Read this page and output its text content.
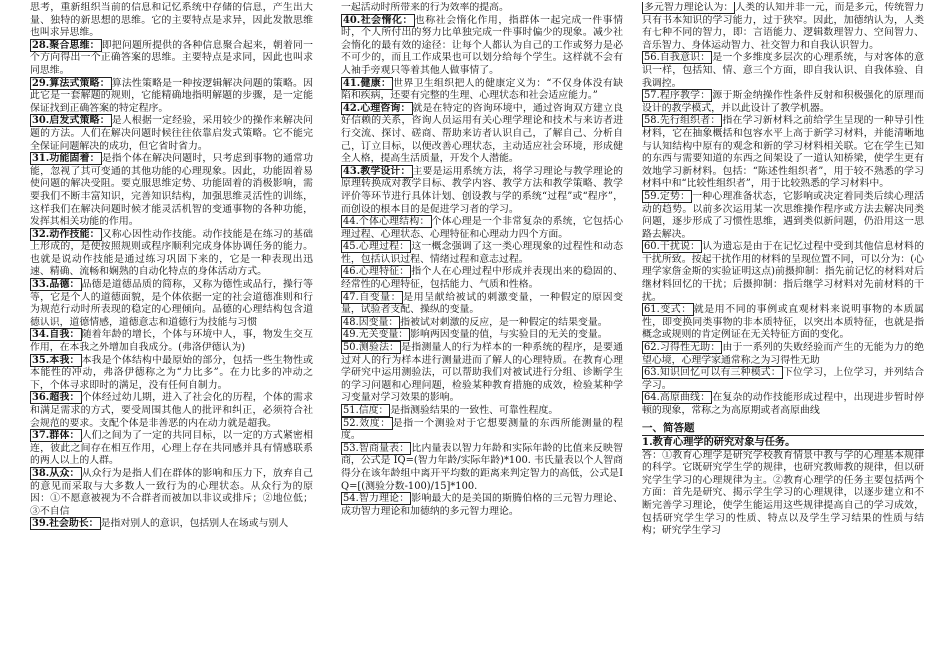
思考，重新组织当前的信息和记忆系统中存储的信息，产生出大量、独特的新思想的思维。它的主要特点是求异，因此发散思维也叫求异思维。

28.聚合思维： 即把问题所提供的各种信息聚合起来，朝着同一个方向得出一个正确答案的思维。主要特点是求同，因此也叫求同思维。

29.算法式策略： 算法性策略是一种按逻辑解决问题的策略。因此它是一套解题的规则，它能精确地指明解题的步骤，是一定能保证找到正确答案的特定程序。

30.启发式策略： 是人根据一定经验，采用较少的操作来解决问题的方法。人们在解决问题时候往往依靠启发式策略。它不能完全保证问题解决的成功，但它省时省力。

31.功能固着： 是指个体在解决问题时，只考虑到事物的通常功能，忽视了其可变通的其他功能的心理现象。因此，功能固着易使问题的解决受阻。要克服思维定势、功能固着的消极影响，需要我们不断丰富知识，完善知识结构，加强思维灵活性的训练，这样我们在解决问题时候才能灵活机智的变通事物的各种功能，发挥其相关功能的作用。

32.动作技能： 又称心因性动作技能。动作技能是在练习的基础上形成的，是使按照规则或程序顺利完成身体协调任务的能力。也就是说动作技能是通过练习巩固下来的，它是一种表现出迅速、精确、流畅和娴熟的自动化特点的身体活动方式。

33.品德： 品德是道德品质的简称，又称为德性或品行，操行等等，它是个人的道德面貌，是个体依据一定的社会道德准则和行为规范行动时所表现的稳定的心理倾向。品德的心理结构包含道德认识，道德情感，道德意志和道德行为技能与习惯

34.自我： 随着年龄的增长，个体与环境中人，事，物发生交互作用，在本我之外增加自我成分。(弗洛伊德认为)

35.本我： 本我是个体结构中最原始的部分，包括一些生物性或本能性的冲动，弗洛伊德称之为“力比多”。在力比多的冲动之下，个体寻求即时的满足，没有任何自制力。

36.超我： 个体经过幼儿期，进入了社会化的历程，个体的需求和满足需求的方式，要受周围其他人的批评和纠正，必须符合社会规范的要求。支配个体是非善恶的内在动力就是超我。

37.群体： 人们之间为了一定的共同目标，以一定的方式紧密相连，彼此之间存在相互作用，心理上存在共同感并具有情感联系的两人以上的人群。

38.从众： 从众行为是指人们在群体的影响和压力下，放弃自己的意见而采取与大多数人一致行为的心理状态。从众行为的原因：①不愿意被视为不合群者而被加以非议或排斥；②地位低；③不自信

39.社会助长： 是指对别人的意识，包括别人在场或与别人

一起活动时所带来的行为效率的提高。

40.社会惰化： 也称社会惰化作用，指群体一起完成一件事情时，个人所付出的努力比单独完成一件事时偏少的现象。减少社会惰化的最有效的途径：让每个人都认为自己的工作或努力是必不可少的，而且工作成果也可以划分给每个学生。这样就不会有人袖手旁观只等着其他人做事情了。

41.健康： 世界卫生组织把人的健康定义为：“不仅身体没有缺陷和疾病，还要有完整的生理、心理状态和社会适应能力。”

42.心理咨询： 就是在特定的咨询环境中，通过咨询双方建立良好信赖的关系，咨询人员运用有关心理学理论和技术与来访者进行交流、探讨、磋商、帮助来访者认识自己，了解自己、分析自己，订立目标，以便改善心理状态，主动适应社会环境，形成健全人格，提高生活质量，开发个人潜能。

43.教学设计： 主要是运用系统方法，将学习理论与教学理论的原理转换成对教学目标、教学内容、教学方法和教学策略、教学评价等环节进行具体计划、创设教与学的系统“过程”或“程序”，而创设的根本目的是促进学习者的学习。

44.个体心理结构： 个体心理是一个非常复杂的系统，它包括心理过程、心理状态、心理特征和心理动力四个方面。

45.心理过程： 这一概念强调了这一类心理现象的过程性和动态性，包括认识过程、情绪过程和意志过程。

46.心理特征： 指个人在心理过程中形成并表现出来的稳固的、经常性的心理特征，包括能力、气质和性格。

47.自变量： 是用呈献给被试的刺激变量，一种假定的原因变量，试验者支配、操纵的变量。

48.因变量： 指被试对刺激的反应，是一种假定的结果变量。

49.无关变量： 影响两因变量的值，与实验目的无关的变量。

50.测验法： 是指测量人的行为样本的一种系统的程序，是要通过对人的行为样本进行测量进而了解人的心理特质。在教育心理学研究中运用测验法，可以帮助我们对被试进行分组、诊断学生的学习问题和心理问题，检验某种教育措施的成效，检验某种学习变量对学习效果的影响。

51.信度： 是指测验结果的一致性、可靠性程度。

52.效度： 是指一个测验对于它想要测量的东西所能测量的程度。

53.智商量表： 比内量表以智力年龄和实际年龄的比值来反映智商，公式是 IQ=(智力年龄/实际年龄)*100. 韦氏量表以个人智商得分在该年龄组中离开平均数的距离来判定智力的高低，公式是IQ=[(测验分数-100)/15]*100.

54.智力理论： 影响最大的是美国的斯腾伯格的三元智力理论、成功智力理论和加德纳的多元智力理论。

多元智力理论认为： 人类的认知并非一元，而是多元，传统智力只有书本知识的学习能力，过于狭窄。因此，加德纳认为，人类有七种不同的智力，即：言语能力、逻辑数理智力、空间智力、音乐智力、身体运动智力、社交智力和自我认识智力。

56.自我意识： 是一个多维度多层次的心理系统，与对客体的意识一样，包括知、情、意三个方面，即自我认识、自我体验、自我调控。

57.程序教学： 源于斯金纳操作性条件反射和积极强化的原理而设计的教学模式，并以此设计了教学机器。

58.先行组织者： 指在学习新材料之前给学生呈现的一种导引性材料，它在抽象概括和包容水平上高于新学习材料，并能清晰地与认知结构中原有的观念和新的学习材料相关联。它在学生已知的东西与需要知道的东西之间架设了一道认知桥梁，使学生更有效地学习新材料。包括：“陈述性组织者”，用于较不熟悉的学习材料中和“比较性组织者”，用于比较熟悉的学习材料中。

59.定势： 一种心理准备状态，它影响或决定着同类后续心理活动的趋势。以前多次运用某一次思维操作程序或方法去解决同类问题，逐步形成了习惯性思维，遇到类似新问题，仍沿用这一思路去解决。

60.干扰说： 认为遗忘是由于在记忆过程中受到其他信息材料的干扰所致。按起干扰作用的材料的呈现位置不同，可以分为：(心理学家詹金斯的实验证明这点)前摄抑制：指先前记忆的材料对后继材料回忆的干扰；后摄抑制：指后继学习材料对先前材料的干扰。

61.变式： 就是用不同的事例或直观材料来说明事物的本质属性，即变换同类事物的非本质特征，以突出本质特征，也就是指概念或规则的肯定例证在无关特征方面的变化。

62.习得性无助： 由于一系列的失败经验而产生的无能为力的绝望心境，心理学家通常称之为习得性无助

63.知识回忆可以有三种模式： 下位学习，上位学习，并列结合学习。

64.高原曲线： 在复杂的动作技能形成过程中，出现进步暂时停顿的现象，常称之为高原期或者高原曲线

一、简答题
1.教育心理学的研究对象与任务。

答：①教育心理学是研究学校教育情景中教与学的心理基本规律的科学。它既研究学生学的规律，也研究教师教的规律，但以研究学生学习的心理规律为主。②教育心理学的任务主要包括两个方面：首先是研究、揭示学生学习的心理规律，以逐步建立和不断完善学习理论，使学生能运用这些规律提高自己的学习成效，包括研究学生学习的性质、特点以及学生学习结果的性质与结构；研究学生学习
